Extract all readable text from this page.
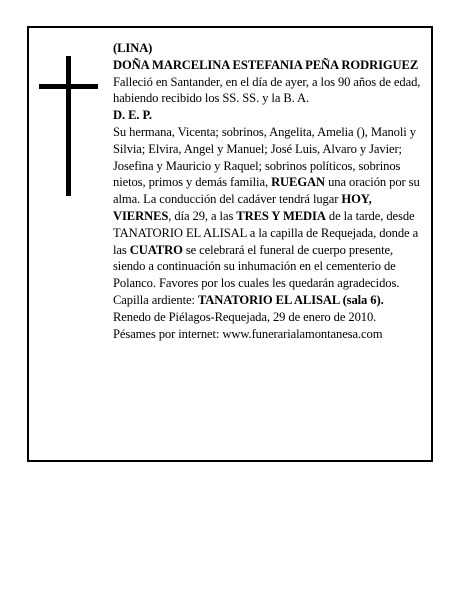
(LINA)

DOÑA MARCELINA ESTEFANIA PEÑA RODRIGUEZ

Falleció en Santander, en el día de ayer, a los 90 años de edad,

habiendo recibido los SS. SS. y la B. A.

D. E. P.

Su hermana, Vicenta; sobrinos, Angelita, Amelia (), Manoli y Silvia; Elvira, Angel y Manuel; José Luis, Alvaro y Javier; Josefina y Mauricio y Raquel; sobrinos políticos, sobrinos nietos, primos y demás familia, RUEGAN una oración por su alma. La conducción del cadáver tendrá lugar HOY, VIERNES, día 29, a las TRES Y MEDIA de la tarde, desde TANATORIO EL ALISAL a la capilla de Requejada, donde a las CUATRO se celebrará el funeral de cuerpo presente, siendo a continuación su inhumación en el cementerio de Polanco. Favores por los cuales les quedarán agradecidos. Capilla ardiente: TANATORIO EL ALISAL (sala 6).

Renedo de Piélagos-Requejada, 29 de enero de 2010.

Pésames por internet: www.funerarialamontanesa.com
